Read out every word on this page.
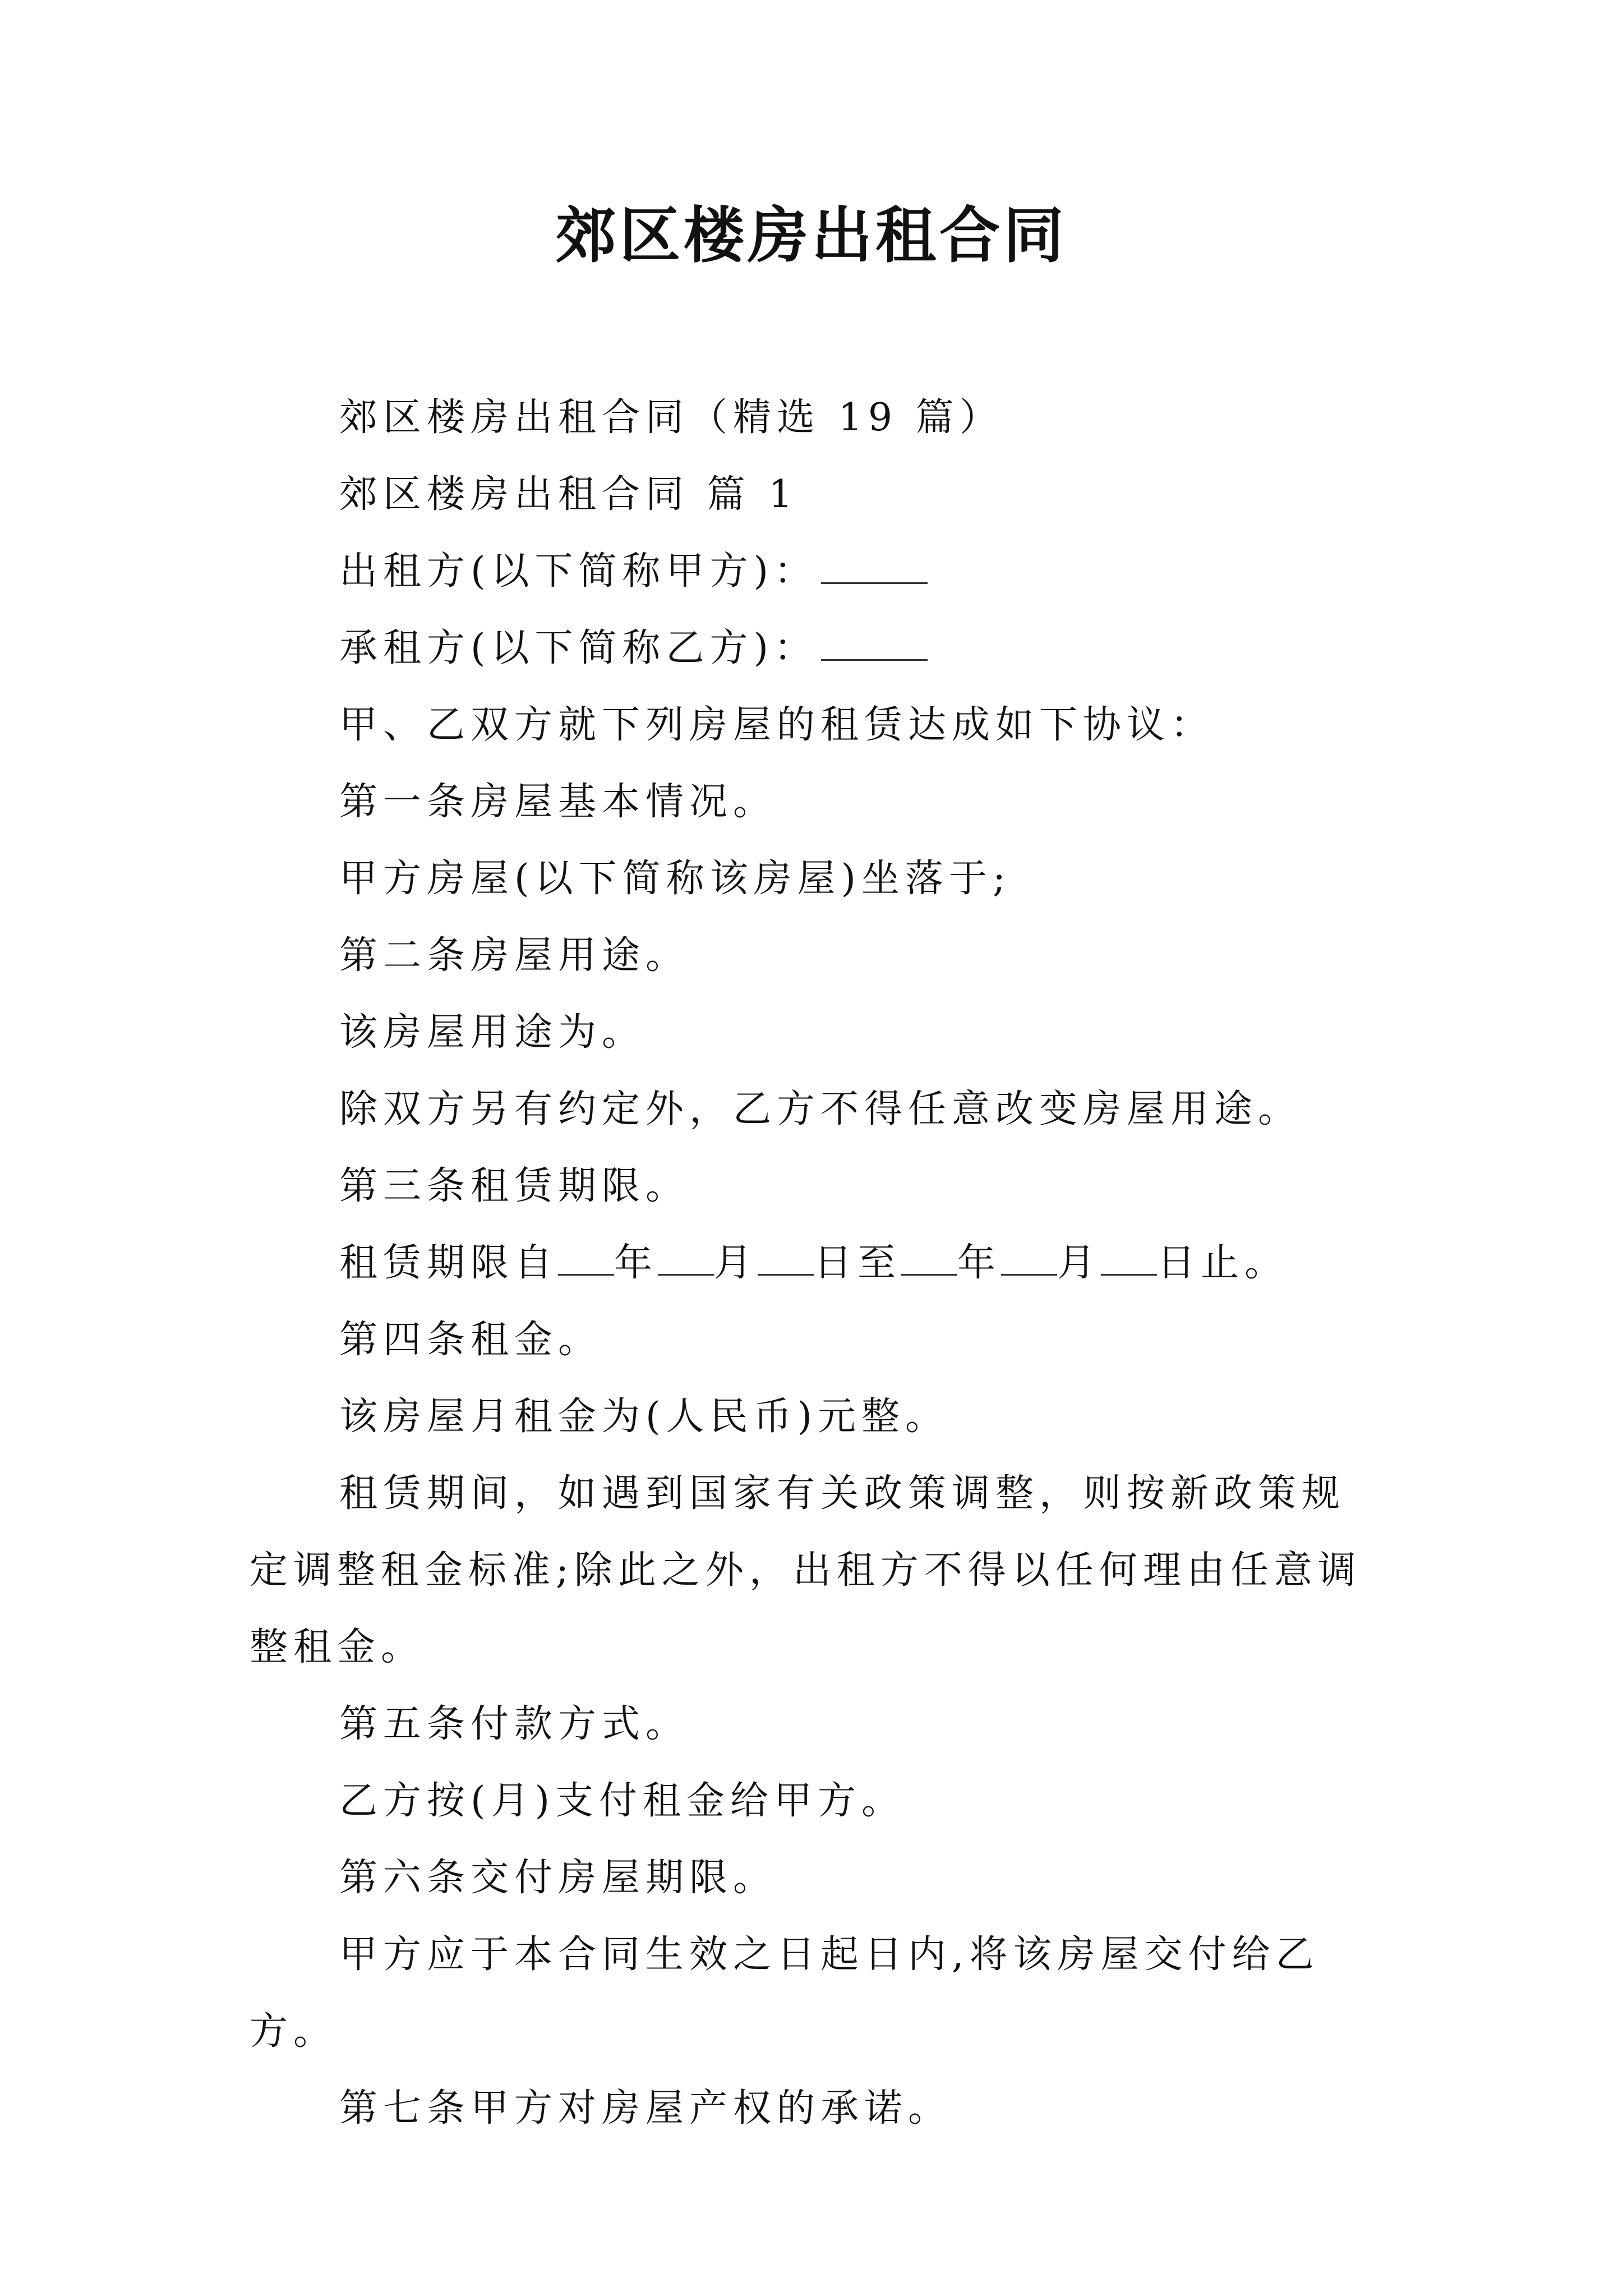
郊区楼房出租合同

郊区楼房出租合同（精选 19 篇）

郊区楼房出租合同 篇 1

出租方(以下简称甲方)：

承租方(以下简称乙方)：

甲、乙双方就下列房屋的租赁达成如下协议：

第一条房屋基本情况。

甲方房屋(以下简称该房屋)坐落于;

第二条房屋用途。

该房屋用途为。

除双方另有约定外，乙方不得任意改变房屋用途。

第三条租赁期限。

租赁期限自 年 月 日至 年 月 日止。

第四条租金。

该房屋月租金为(人民币)元整。

租赁期间，如遇到国家有关政策调整，则按新政策规定调整租金标准;除此之外，出租方不得以任何理由任意调整租金。

第五条付款方式。

乙方按(月)支付租金给甲方。

第六条交付房屋期限。

甲方应于本合同生效之日起日内,将该房屋交付给乙方。

第七条甲方对房屋产权的承诺。
